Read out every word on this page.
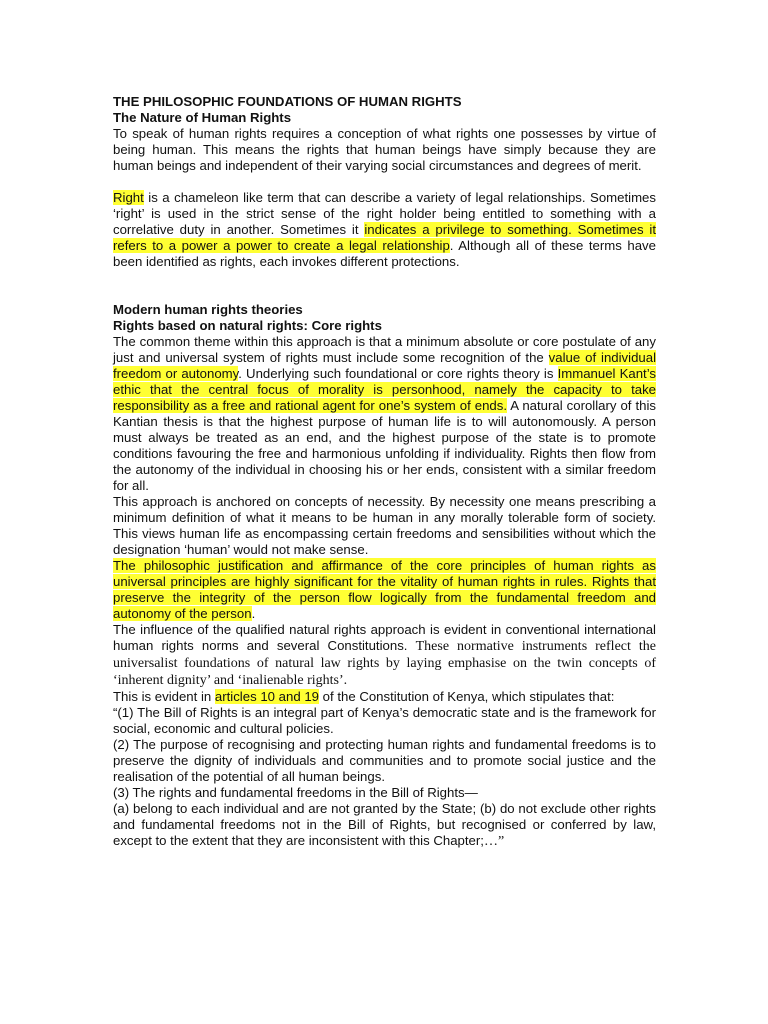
THE PHILOSOPHIC FOUNDATIONS OF HUMAN RIGHTS

The Nature of Human Rights

To speak of human rights requires a conception of what rights one possesses by virtue of being human. This means the rights that human beings have simply because they are human beings and independent of their varying social circumstances and degrees of merit.

Right is a chameleon like term that can describe a variety of legal relationships. Sometimes ‘right’ is used in the strict sense of the right holder being entitled to something with a correlative duty in another. Sometimes it indicates a privilege to something. Sometimes it refers to a power a power to create a legal relationship. Although all of these terms have been identified as rights, each invokes different protections.

Modern human rights theories

Rights based on natural rights: Core rights

The common theme within this approach is that a minimum absolute or core postulate of any just and universal system of rights must include some recognition of the value of individual freedom or autonomy. Underlying such foundational or core rights theory is Immanuel Kant’s ethic that the central focus of morality is personhood, namely the capacity to take responsibility as a free and rational agent for one’s system of ends. A natural corollary of this Kantian thesis is that the highest purpose of human life is to will autonomously. A person must always be treated as an end, and the highest purpose of the state is to promote conditions favouring the free and harmonious unfolding if individuality. Rights then flow from the autonomy of the individual in choosing his or her ends, consistent with a similar freedom for all.

This approach is anchored on concepts of necessity. By necessity one means prescribing a minimum definition of what it means to be human in any morally tolerable form of society. This views human life as encompassing certain freedoms and sensibilities without which the designation ‘human’ would not make sense.

The philosophic justification and affirmance of the core principles of human rights as universal principles are highly significant for the vitality of human rights in rules. Rights that preserve the integrity of the person flow logically from the fundamental freedom and autonomy of the person.

The influence of the qualified natural rights approach is evident in conventional international human rights norms and several Constitutions. These normative instruments reflect the universalist foundations of natural law rights by laying emphasise on the twin concepts of ‘inherent dignity’ and ‘inalienable rights’.

This is evident in articles 10 and 19 of the Constitution of Kenya, which stipulates that:

“(1) The Bill of Rights is an integral part of Kenya’s democratic state and is the framework for social, economic and cultural policies.

(2) The purpose of recognising and protecting human rights and fundamental freedoms is to preserve the dignity of individuals and communities and to promote social justice and the realisation of the potential of all human beings.

(3) The rights and fundamental freedoms in the Bill of Rights—

(a) belong to each individual and are not granted by the State; (b) do not exclude other rights and fundamental freedoms not in the Bill of Rights, but recognised or conferred by law, except to the extent that they are inconsistent with this Chapter;…”
